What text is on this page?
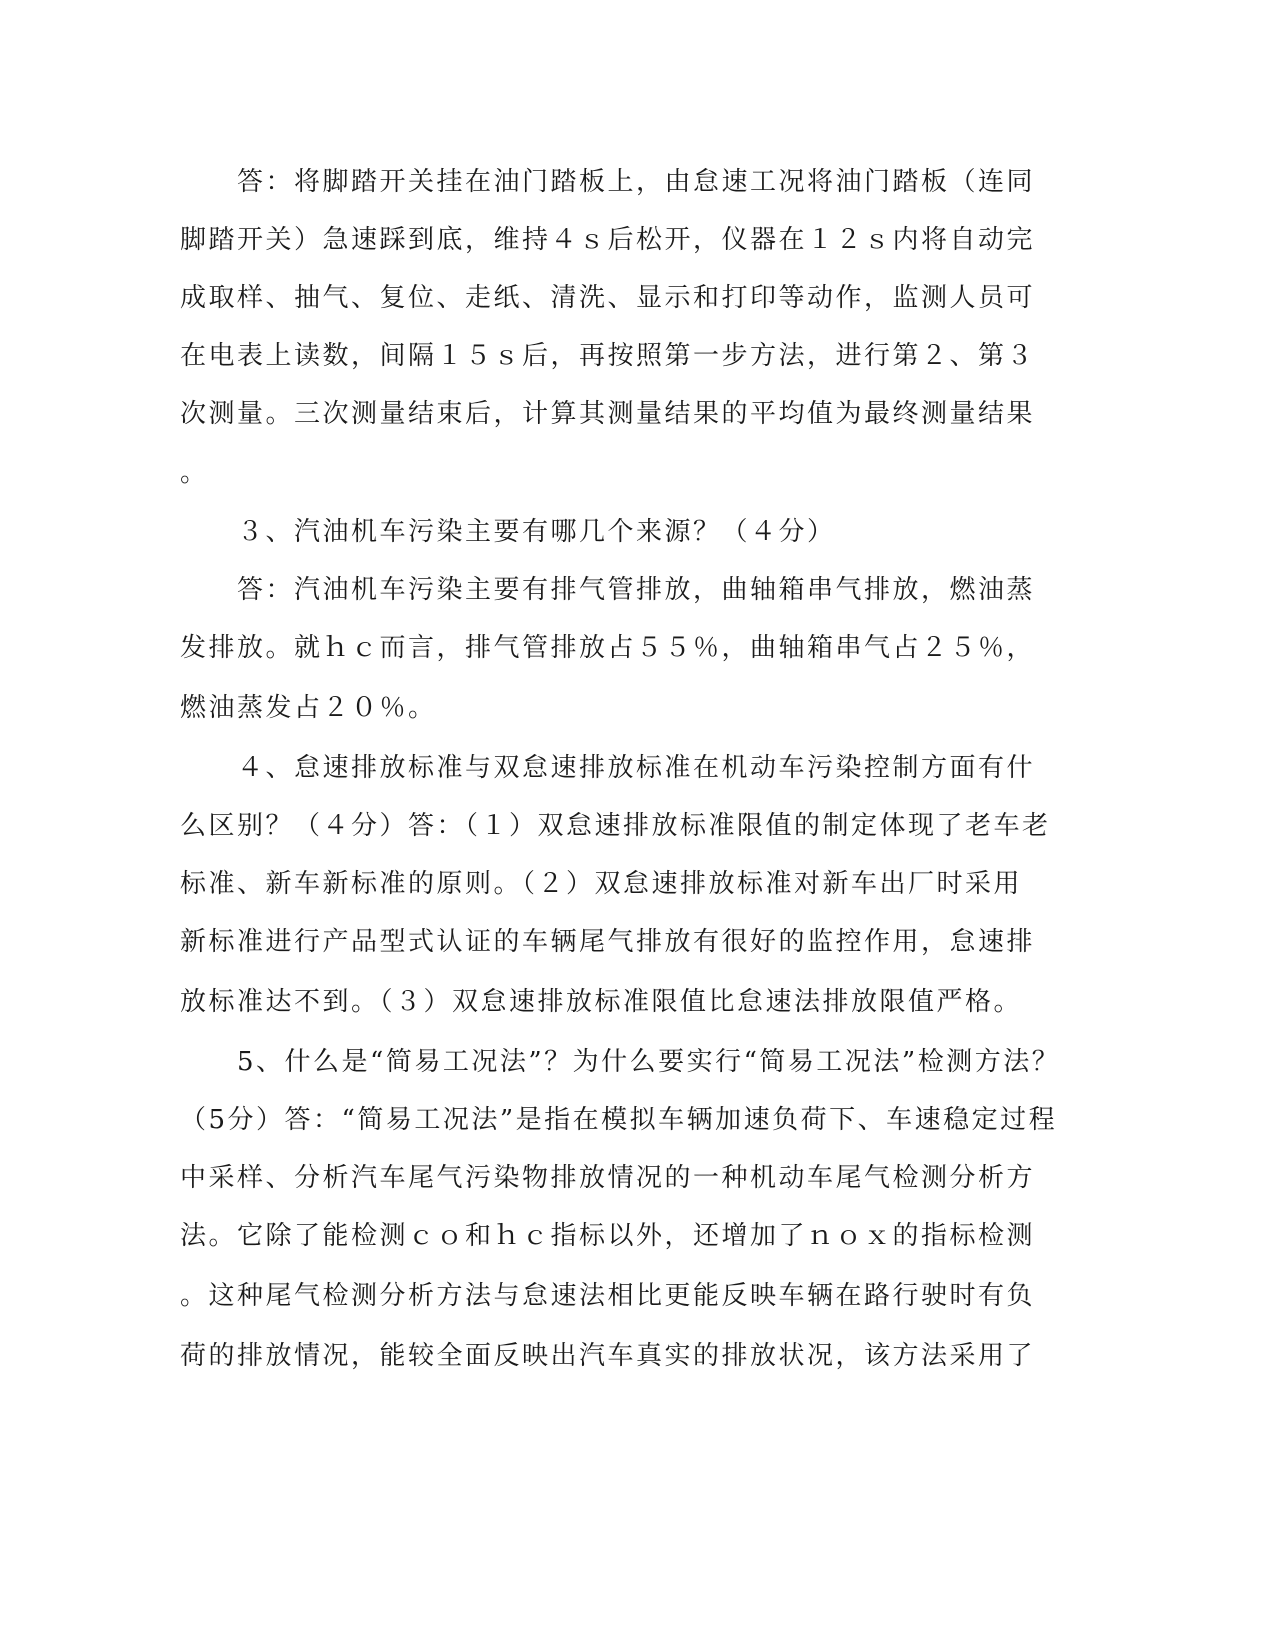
　　答：将脚踏开关挂在油门踏板上，由怠速工况将油门踏板（连同
脚踏开关）急速踩到底，维持４ｓ后松开，仪器在１２ｓ内将自动完
成取样、抽气、复位、走纸、清洗、显示和打印等动作，监测人员可
在电表上读数，间隔１５ｓ后，再按照第一步方法，进行第２、第３
次测量。三次测量结束后，计算其测量结果的平均值为最终测量结果
。
　　３、汽油机车污染主要有哪几个来源？（４分）
　　答：汽油机车污染主要有排气管排放，曲轴箱串气排放，燃油蒸
发排放。就ｈｃ而言，排气管排放占５５％，曲轴箱串气占２５％，
燃油蒸发占２０％。
　　４、怠速排放标准与双怠速排放标准在机动车污染控制方面有什
么区别？（４分）答：（１）双怠速排放标准限值的制定体现了老车老
标准、新车新标准的原则。（２）双怠速排放标准对新车出厂时采用
新标准进行产品型式认证的车辆尾气排放有很好的监控作用，怠速排
放标准达不到。（３）双怠速排放标准限值比怠速法排放限值严格。
　　5、什么是“简易工况法”？为什么要实行“简易工况法”检测方法？
（5分）答：“简易工况法”是指在模拟车辆加速负荷下、车速稳定过程
中采样、分析汽车尾气污染物排放情况的一种机动车尾气检测分析方
法。它除了能检测ｃｏ和ｈｃ指标以外，还增加了ｎｏｘ的指标检测
。这种尾气检测分析方法与怠速法相比更能反映车辆在路行驶时有负
荷的排放情况，能较全面反映出汽车真实的排放状况，该方法采用了
